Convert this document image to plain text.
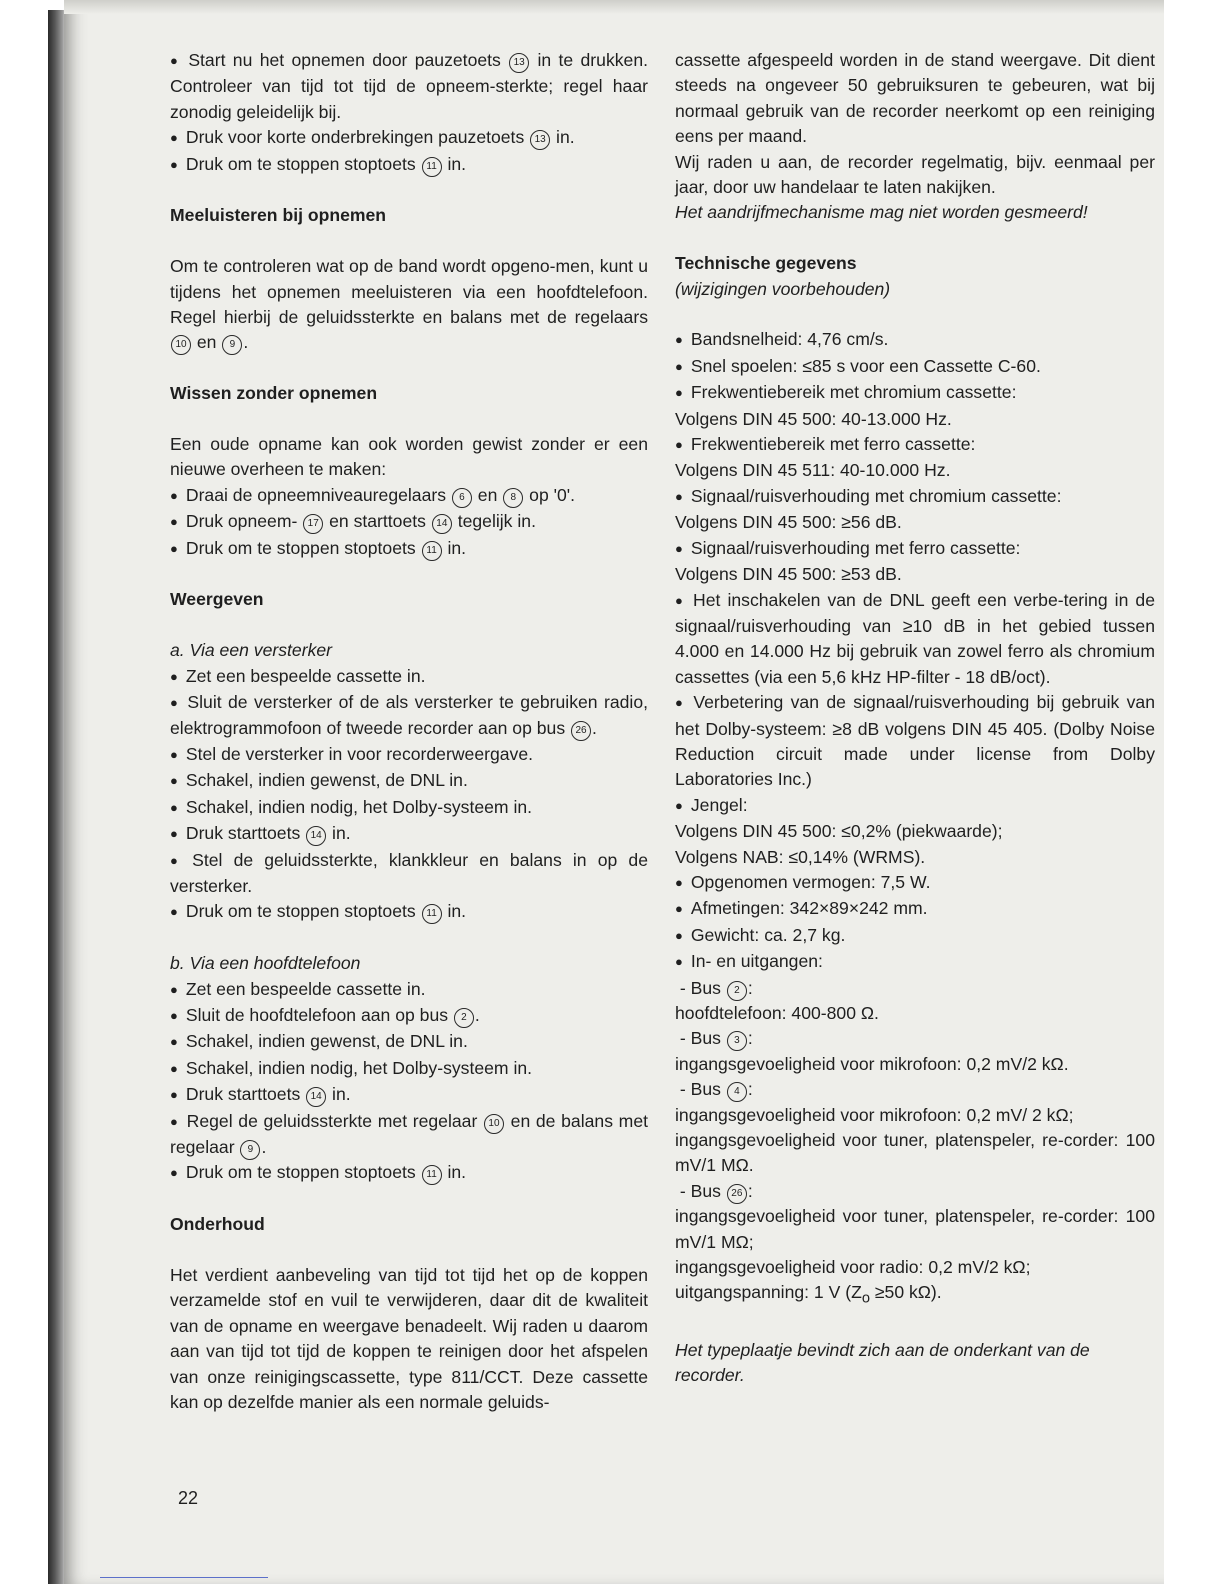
● Start nu het opnemen door pauzetoets 13 in te drukken. Controleer van tijd tot tijd de opneem-sterkte; regel haar zonodig geleidelijk bij.

● Druk voor korte onderbrekingen pauzetoets 13 in.

● Druk om te stoppen stoptoets 11 in.

Meeluisteren bij opnemen

Om te controleren wat op de band wordt opgeno-men, kunt u tijdens het opnemen meeluisteren via een hoofdtelefoon. Regel hierbij de geluidssterkte en balans met de regelaars 10 en 9 .

Wissen zonder opnemen

Een oude opname kan ook worden gewist zonder er een nieuwe overheen te maken:

● Draai de opneemniveauregelaars 6 en 8 op '0'.

● Druk opneem- 17 en starttoets 14 tegelijk in.

● Druk om te stoppen stoptoets 11 in.

Weergeven

a. Via een versterker

● Zet een bespeelde cassette in.

● Sluit de versterker of de als versterker te gebruiken radio, elektrogrammofoon of tweede recorder aan op bus 26 .

● Stel de versterker in voor recorderweergave.

● Schakel, indien gewenst, de DNL in.

● Schakel, indien nodig, het Dolby-systeem in.

● Druk starttoets 14 in.

● Stel de geluidssterkte, klankkleur en balans in op de versterker.

● Druk om te stoppen stoptoets 11 in.

b. Via een hoofdtelefoon

● Zet een bespeelde cassette in.

● Sluit de hoofdtelefoon aan op bus 2 .

● Schakel, indien gewenst, de DNL in.

● Schakel, indien nodig, het Dolby-systeem in.

● Druk starttoets 14 in.

● Regel de geluidssterkte met regelaar 10 en de balans met regelaar 9 .

● Druk om te stoppen stoptoets 11 in.

Onderhoud

Het verdient aanbeveling van tijd tot tijd het op de koppen verzamelde stof en vuil te verwijderen, daar dit de kwaliteit van de opname en weergave benadeelt. Wij raden u daarom aan van tijd tot tijd de koppen te reinigen door het afspelen van onze reinigingscassette, type 811/CCT. Deze cassette kan op dezelfde manier als een normale geluids-

cassette afgespeeld worden in de stand weergave. Dit dient steeds na ongeveer 50 gebruiksuren te gebeuren, wat bij normaal gebruik van de recorder neerkomt op een reiniging eens per maand.

Wij raden u aan, de recorder regelmatig, bijv. eenmaal per jaar, door uw handelaar te laten nakijken.

Het aandrijfmechanisme mag niet worden gesmeerd!

Technische gegevens

(wijzigingen voorbehouden)

● Bandsnelheid: 4,76 cm/s.

● Snel spoelen: ≤85 s voor een Cassette C-60.

● Frekwentiebereik met chromium cassette:

Volgens DIN 45 500: 40-13.000 Hz.

● Frekwentiebereik met ferro cassette:

Volgens DIN 45 511: 40-10.000 Hz.

● Signaal/ruisverhouding met chromium cassette:

Volgens DIN 45 500: ≥56 dB.

● Signaal/ruisverhouding met ferro cassette:

Volgens DIN 45 500: ≥53 dB.

● Het inschakelen van de DNL geeft een verbe-tering in de signaal/ruisverhouding van ≥10 dB in het gebied tussen 4.000 en 14.000 Hz bij gebruik van zowel ferro als chromium cassettes (via een 5,6 kHz HP-filter - 18 dB/oct).

● Verbetering van de signaal/ruisverhouding bij gebruik van het Dolby-systeem: ≥8 dB volgens DIN 45 405. (Dolby Noise Reduction circuit made under license from Dolby Laboratories Inc.)

● Jengel:

Volgens DIN 45 500: ≤0,2% (piekwaarde);

Volgens NAB: ≤0,14% (WRMS).

● Opgenomen vermogen: 7,5 W.

● Afmetingen: 342×89×242 mm.

● Gewicht: ca. 2,7 kg.

● In- en uitgangen:

- Bus 2 :

hoofdtelefoon: 400-800 Ω.

- Bus 3 :

ingangsgevoeligheid voor mikrofoon: 0,2 mV/2 kΩ.

- Bus 4 :

ingangsgevoeligheid voor mikrofoon: 0,2 mV/ 2 kΩ;

ingangsgevoeligheid voor tuner, platenspeler, re-corder: 100 mV/1 MΩ.

- Bus 26 :

ingangsgevoeligheid voor tuner, platenspeler, re-corder: 100 mV/1 MΩ;

ingangsgevoeligheid voor radio: 0,2 mV/2 kΩ;

uitgangspanning: 1 V ($Z_o \ge 50$ kΩ).

Het typeplaatje bevindt zich aan de onderkant van de recorder.

22
